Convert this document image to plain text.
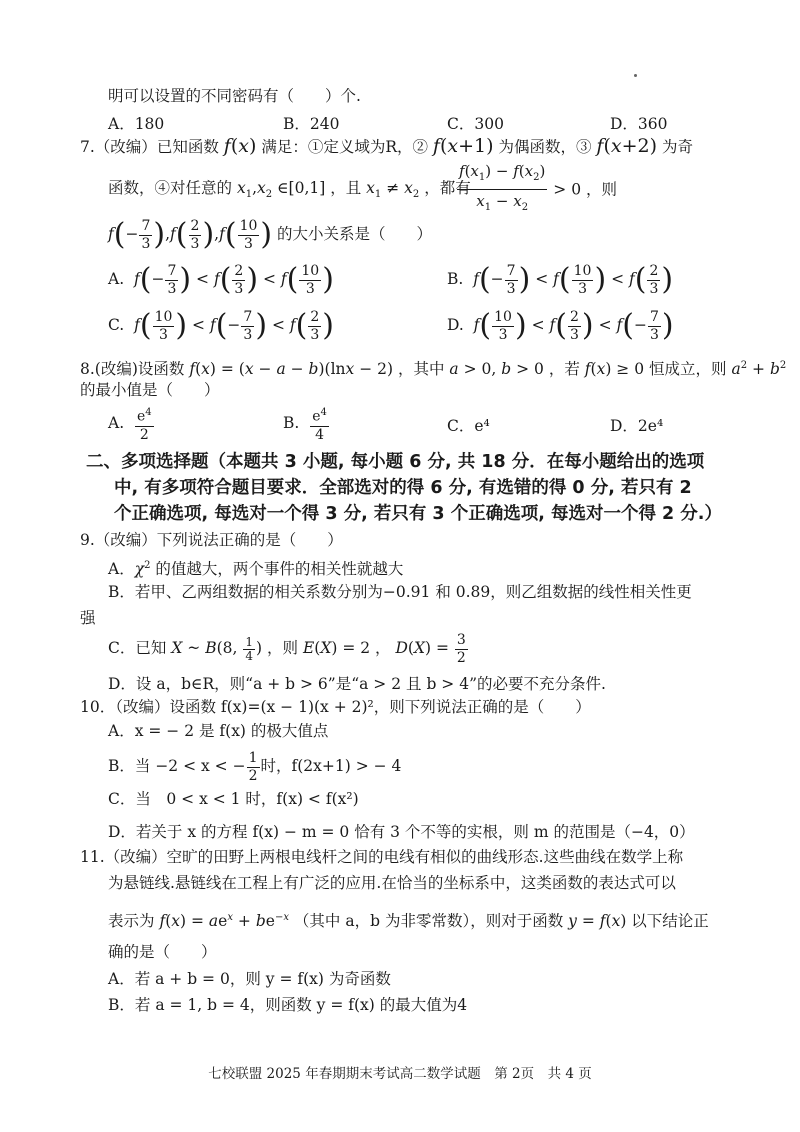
明可以设置的不同密码有（　　）个.
A．180	B．240	C．300	D．360
7.（改编）已知函数 f(x) 满足：①定义域为R，② f(x+1) 为偶函数，③ f(x+2) 为奇
函数，④对任意的 $x_1,x_2$ ∈[0,1] ，且 $x_1 \ne x_2$ ，都有
$\frac{f(x_1) - f(x_2)}{x_1 - x_2} > 0$ ，则
$f(- \frac{7}{3} ),f( \frac{2}{3} ),f( \frac{10}{3}$ ) 的大小关系是（　　）
A. $f(- \frac{7}{3}$ ) < $f( \frac{2}{3}$ ) < $f( \frac{10}{3}$ )	B. $f(- \frac{7}{3}$ ) < $f( \frac{10}{3}$ ) < $f( \frac{2}{3}$ )
C. $f( \frac{10}{3}$ ) < $f(- \frac{7}{3}$ ) < $f( \frac{2}{3}$ )	D. $f( \frac{10}{3}$ ) < $f( \frac{2}{3}$ ) < $f(- \frac{7}{3}$ )
8.(改编)设函数 f(x) = (x − a − b)(lnx − 2) ，其中 a > 0, b > 0 ，若 f(x) ≥ 0 恒成立，则 $a^2 + b^2$
的最小值是（　　）
A. $\frac{e^4}{2}$	B. $\frac{e^4}{4}$	C．e⁴	D．2e⁴
二、多项选择题（本题共 3 小题, 每小题 6 分, 共 18 分．在每小题给出的选项
中, 有多项符合题目要求．全部选对的得 6 分, 有选错的得 0 分, 若只有 2
个正确选项, 每选对一个得 3 分, 若只有 3 个正确选项, 每选对一个得 2 分.）
9.（改编）下列说法正确的是（　　）
A．$\chi^2$ 的值越大，两个事件的相关性就越大
B．若甲、乙两组数据的相关系数分别为−0.91 和 0.89，则乙组数据的线性相关性更
强
C．已知 X ~ B(8, $\frac{1}{4}$ ) ，则 E(X) = 2 ， $D(X) = \frac{3}{2}$
D．设 a，b∈R，则“a + b > 6”是“a > 2 且 b > 4”的必要不充分条件.
10．（改编）设函数 f(x)=(x − 1)(x + 2)²，则下列说法正确的是（　　）
A．x = − 2 是 f(x) 的极大值点
B．当 −2 < x < − $\frac{1}{2}$ 时，f(2x+1) > − 4
C．当　0 < x < 1 时，f(x) < f(x²)
D．若关于 x 的方程 f(x) − m = 0 恰有 3 个不等的实根，则 m 的范围是（−4，0）
11.（改编）空旷的田野上两根电线杆之间的电线有相似的曲线形态.这些曲线在数学上称
为悬链线.悬链线在工程上有广泛的应用.在恰当的坐标系中，这类函数的表达式可以
表示为 $f(x) = ae^x + be^{-x}$ （其中 a，b 为非零常数），则对于函数 y = f(x) 以下结论正
确的是（　　）
A．若 a + b = 0，则 y = f(x) 为奇函数
B．若 a = 1, b = 4，则函数 y = f(x) 的最大值为4
七校联盟 2025 年春期期末考试高二数学试题　第 2页　共 4 页
